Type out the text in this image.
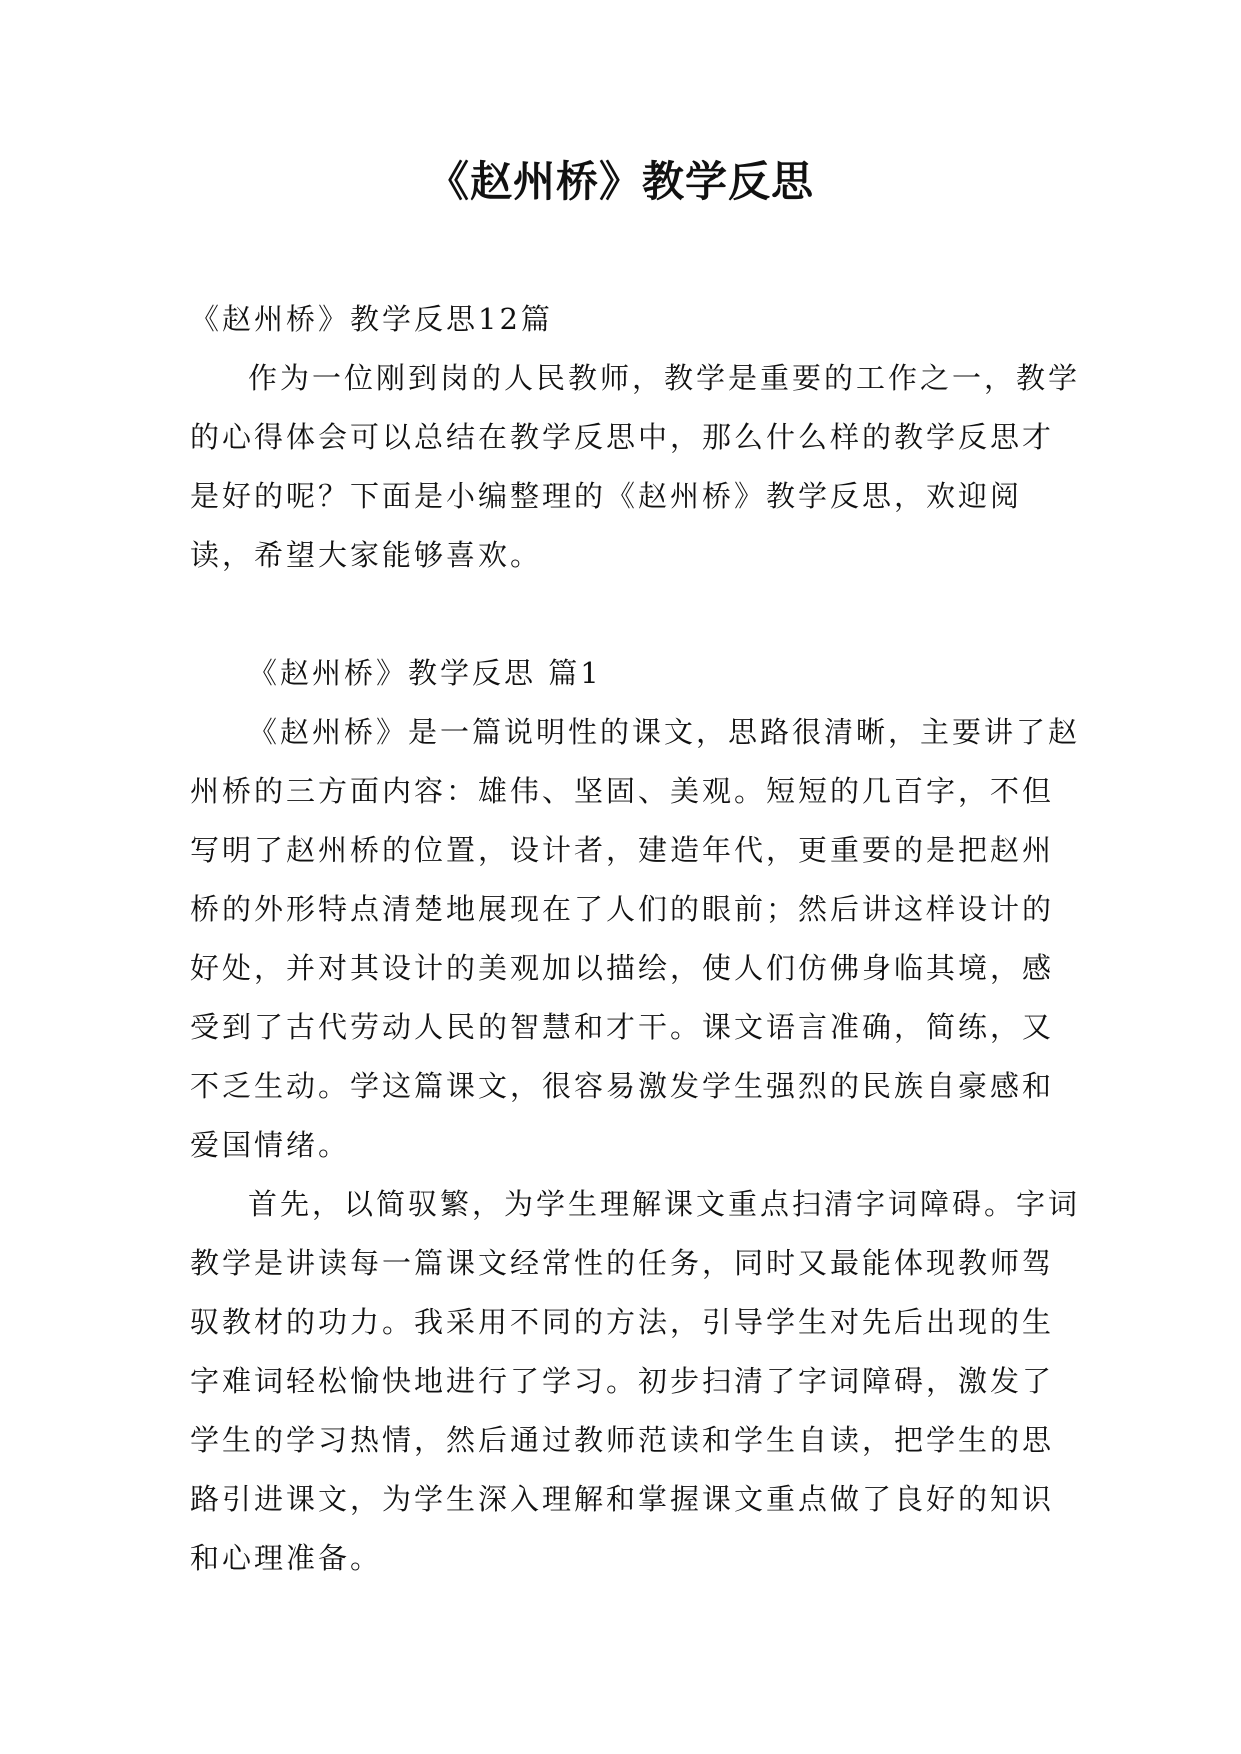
《赵州桥》教学反思

《赵州桥》教学反思12篇

作为一位刚到岗的人民教师，教学是重要的工作之一，教学的心得体会可以总结在教学反思中，那么什么样的教学反思才是好的呢？下面是小编整理的《赵州桥》教学反思，欢迎阅读，希望大家能够喜欢。

《赵州桥》教学反思 篇1

《赵州桥》是一篇说明性的课文，思路很清晰，主要讲了赵州桥的三方面内容：雄伟、坚固、美观。短短的几百字，不但写明了赵州桥的位置，设计者，建造年代，更重要的是把赵州桥的外形特点清楚地展现在了人们的眼前；然后讲这样设计的好处，并对其设计的美观加以描绘，使人们仿佛身临其境，感受到了古代劳动人民的智慧和才干。课文语言准确，简练，又不乏生动。学这篇课文，很容易激发学生强烈的民族自豪感和爱国情绪。

首先，以简驭繁，为学生理解课文重点扫清字词障碍。字词教学是讲读每一篇课文经常性的任务，同时又最能体现教师驾驭教材的功力。我采用不同的方法，引导学生对先后出现的生字难词轻松愉快地进行了学习。初步扫清了字词障碍，激发了学生的学习热情，然后通过教师范读和学生自读，把学生的思路引进课文，为学生深入理解和掌握课文重点做了良好的知识和心理准备。
